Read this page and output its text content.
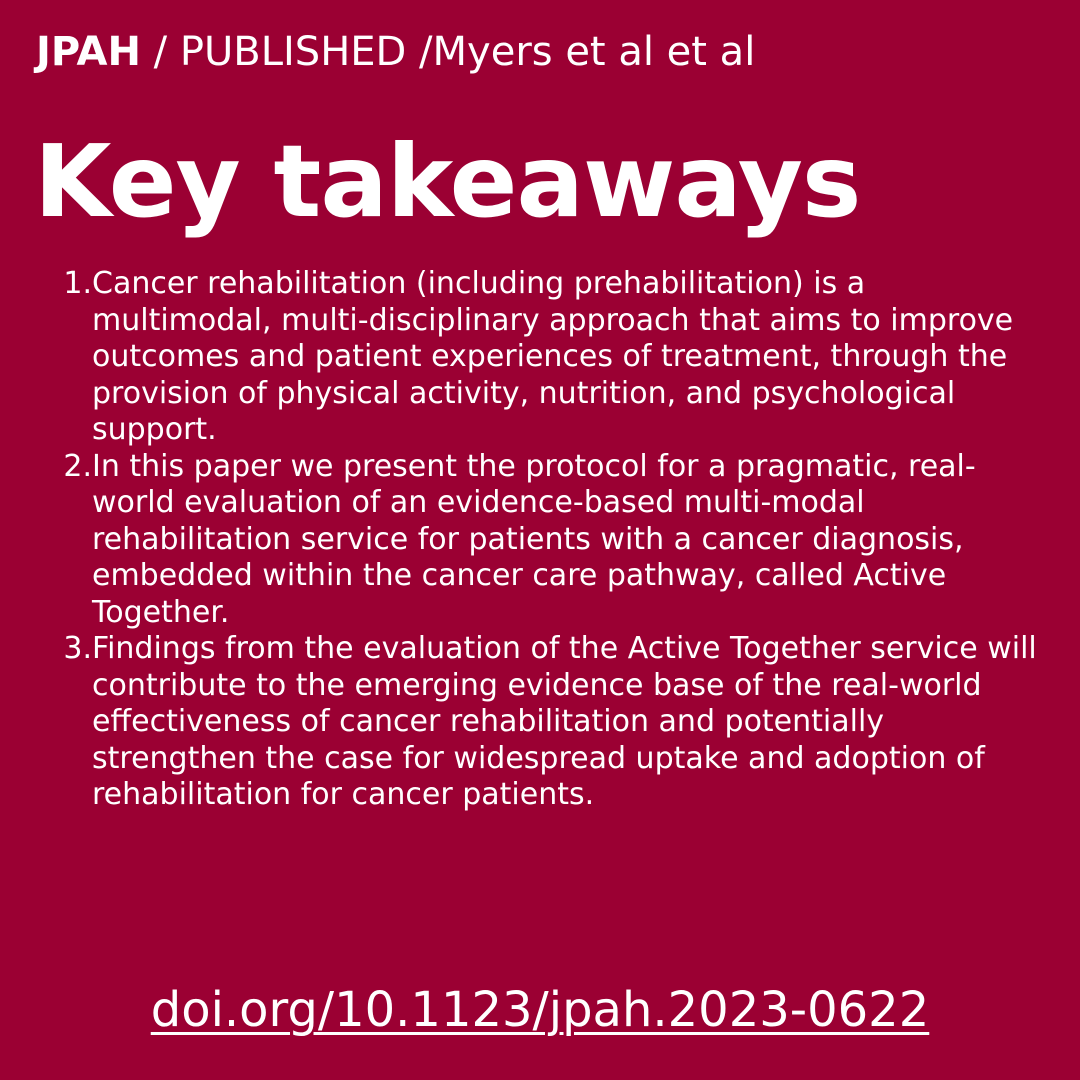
JPAH / PUBLISHED /Myers et al et al
Key takeaways
1. Cancer rehabilitation (including prehabilitation) is a multimodal, multi-disciplinary approach that aims to improve outcomes and patient experiences of treatment, through the provision of physical activity, nutrition, and psychological support.
2. In this paper we present the protocol for a pragmatic, real-world evaluation of an evidence-based multi-modal rehabilitation service for patients with a cancer diagnosis, embedded within the cancer care pathway, called Active Together.
3. Findings from the evaluation of the Active Together service will contribute to the emerging evidence base of the real-world effectiveness of cancer rehabilitation and potentially strengthen the case for widespread uptake and adoption of rehabilitation for cancer patients.
doi.org/10.1123/jpah.2023-0622
